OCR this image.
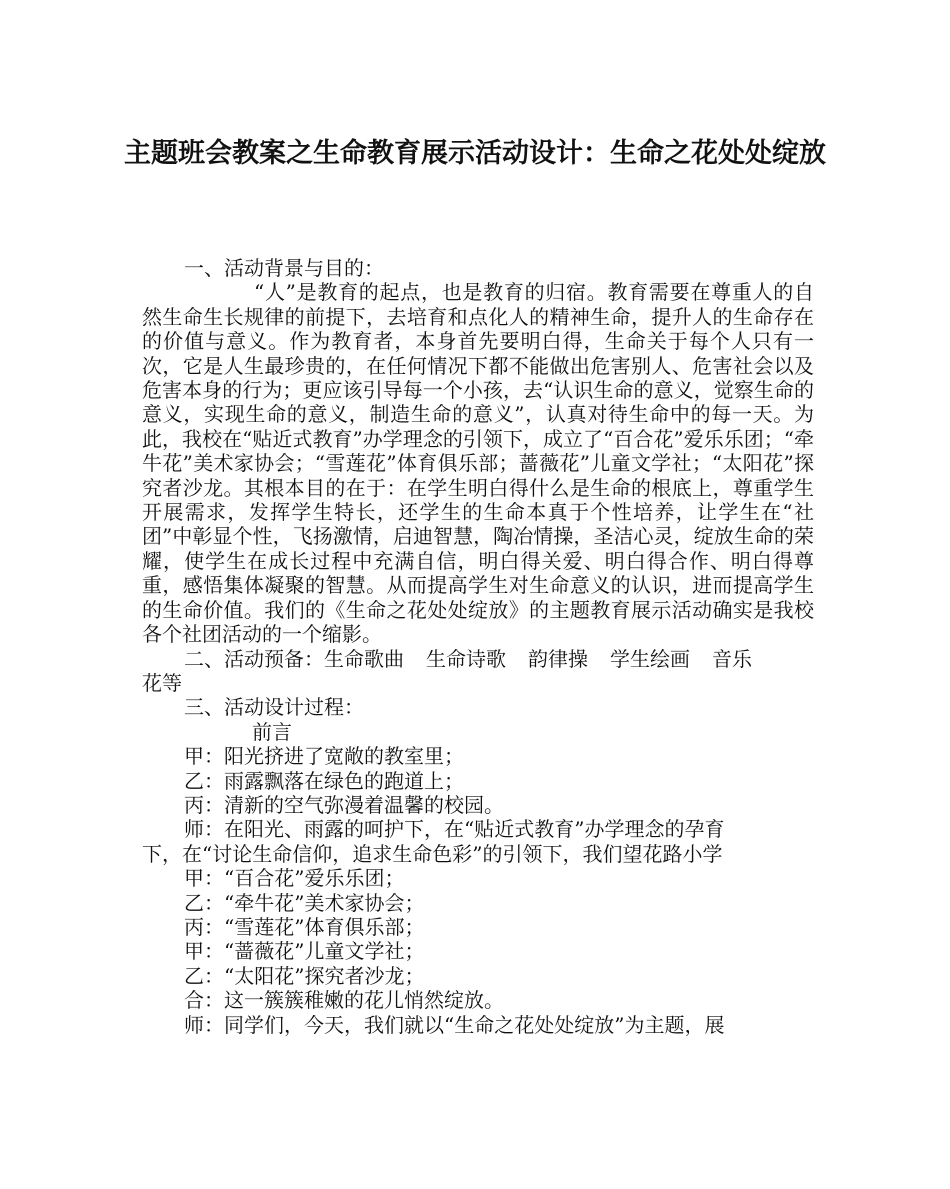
主题班会教案之生命教育展示活动设计：生命之花处处绽放

一、活动背景与目的：

“人”是教育的起点，也是教育的归宿。教育需要在尊重人的自然生命生长规律的前提下，去培育和点化人的精神生命，提升人的生命存在的价值与意义。作为教育者，本身首先要明白得，生命关于每个人只有一次，它是人生最珍贵的，在任何情况下都不能做出危害别人、危害社会以及危害本身的行为；更应该引导每一个小孩，去“认识生命的意义，觉察生命的意义，实现生命的意义，制造生命的意义”，认真对待生命中的每一天。为此，我校在“贴近式教育”办学理念的引领下，成立了“百合花”爱乐乐团；“牵牛花”美术家协会；“雪莲花”体育俱乐部；蔷薇花”儿童文学社；“太阳花”探究者沙龙。其根本目的在于：在学生明白得什么是生命的根底上，尊重学生开展需求，发挥学生特长，还学生的生命本真于个性培养，让学生在“社团”中彰显个性，飞扬激情，启迪智慧，陶冶情操，圣洁心灵，绽放生命的荣耀，使学生在成长过程中充满自信，明白得关爱、明白得合作、明白得尊重，感悟集体凝聚的智慧。从而提高学生对生命意义的认识，进而提高学生的生命价值。我们的《生命之花处处绽放》的主题教育展示活动确实是我校各个社团活动的一个缩影。

二、活动预备：生命歌曲 生命诗歌 韵律操 学生绘画 音乐

花等

三、活动设计过程：

前言

甲：阳光挤进了宽敞的教室里；

乙：雨露飘落在绿色的跑道上；

丙：清新的空气弥漫着温馨的校园。

师：在阳光、雨露的呵护下，在“贴近式教育”办学理念的孕育

下，在“讨论生命信仰，追求生命色彩”的引领下，我们望花路小学

甲：“百合花”爱乐乐团；

乙：“牵牛花”美术家协会；

丙：“雪莲花”体育俱乐部；

甲：“蔷薇花”儿童文学社；

乙：“太阳花”探究者沙龙；

合：这一簇簇稚嫩的花儿悄然绽放。

师：同学们，今天，我们就以“生命之花处处绽放”为主题，展
